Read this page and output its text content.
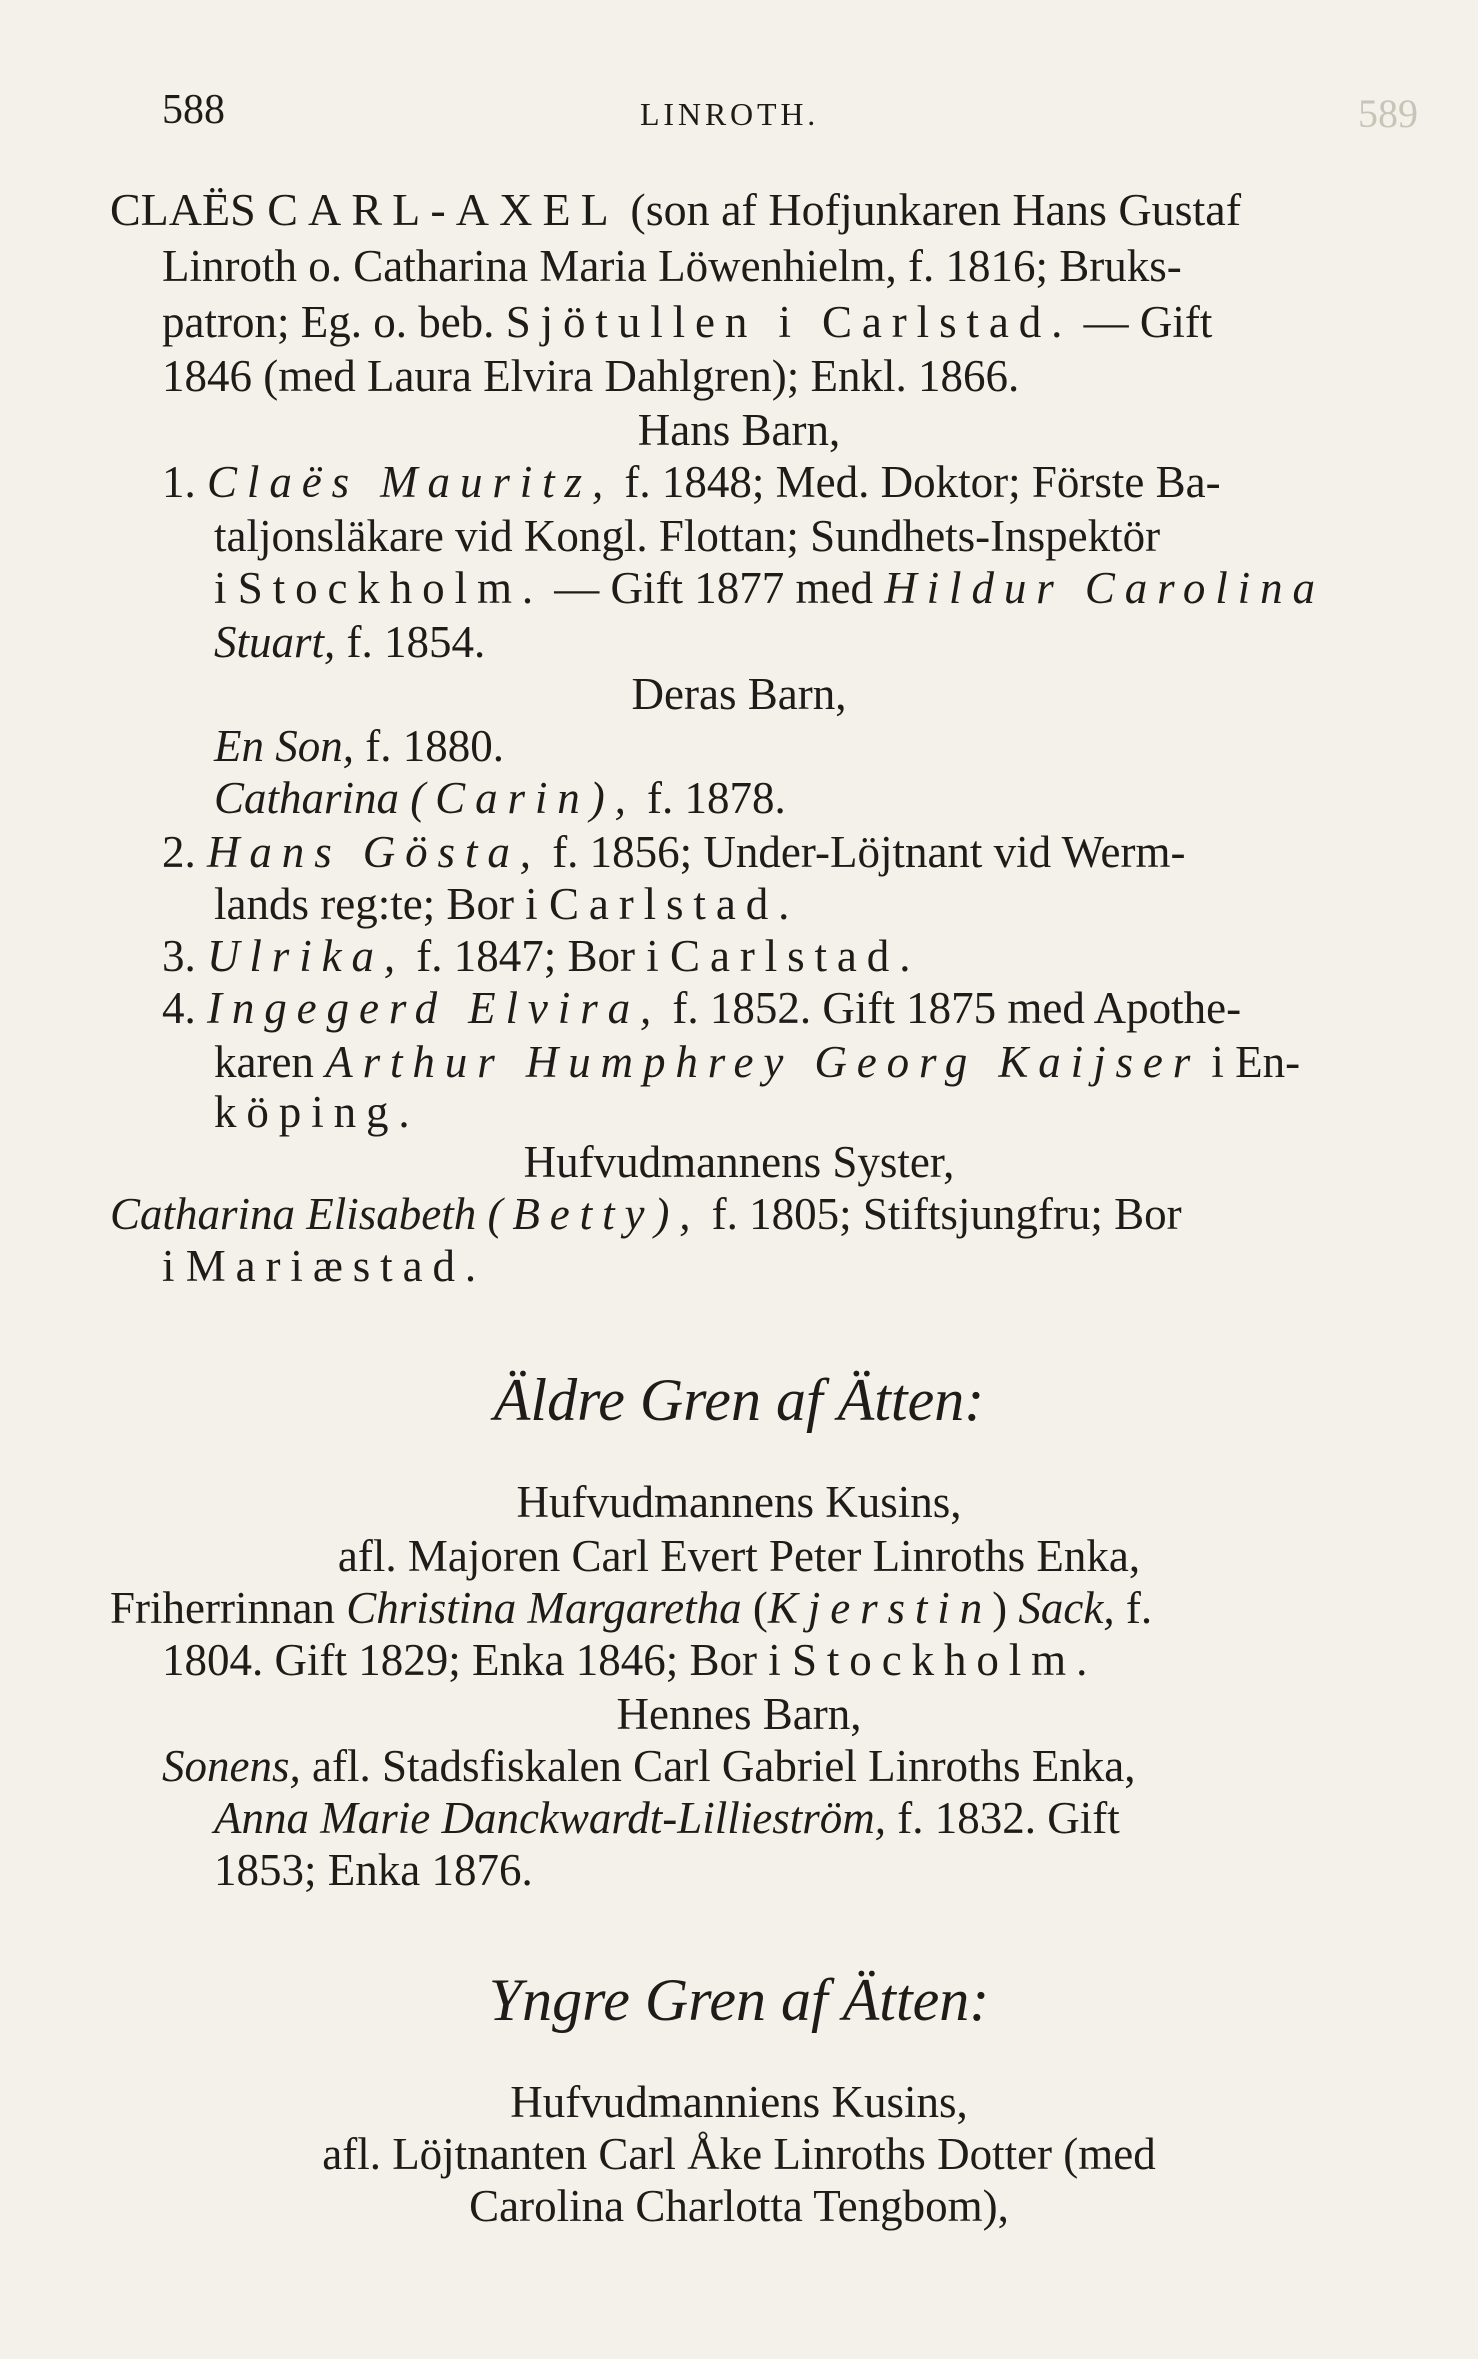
589
588	LINROTH.
CLAËS CARL-AXEL (son af Hofjunkaren Hans Gustaf
Linroth o. Catharina Maria Löwenhielm, f. 1816; Bruks-
patron; Eg. o. beb. Sjötullen i Carlstad. — Gift
1846 (med Laura Elvira Dahlgren); Enkl. 1866.
Hans Barn,
1. Claës Mauritz, f. 1848; Med. Doktor; Förste Ba-
taljonsläkare vid Kongl. Flottan; Sundhets-Inspektör
i Stockholm. — Gift 1877 med Hildur Carolina
Stuart, f. 1854.
Deras Barn,
En Son, f. 1880.
Catharina (Carin), f. 1878.
2. Hans Gösta, f. 1856; Under-Löjtnant vid Werm-
lands reg:te; Bor i Carlstad.
3. Ulrika, f. 1847; Bor i Carlstad.
4. Ingegerd Elvira, f. 1852. Gift 1875 med Apothe-
karen Arthur Humphrey Georg Kaijser i En-
köping.
Hufvudmannens Syster,
Catharina Elisabeth (Betty), f. 1805; Stiftsjungfru; Bor
i Mariæstad.
Äldre Gren af Ätten:
Hufvudmannens Kusins,
afl. Majoren Carl Evert Peter Linroths Enka,
Friherrinnan Christina Margaretha (Kjerstin) Sack, f.
1804. Gift 1829; Enka 1846; Bor i Stockholm.
Hennes Barn,
Sonens, afl. Stadsfiskalen Carl Gabriel Linroths Enka,
Anna Marie Danckwardt-Lillieström, f. 1832. Gift
1853; Enka 1876.
Yngre Gren af Ätten:
Hufvudmanniens Kusins,
afl. Löjtnanten Carl Åke Linroths Dotter (med
Carolina Charlotta Tengbom),
